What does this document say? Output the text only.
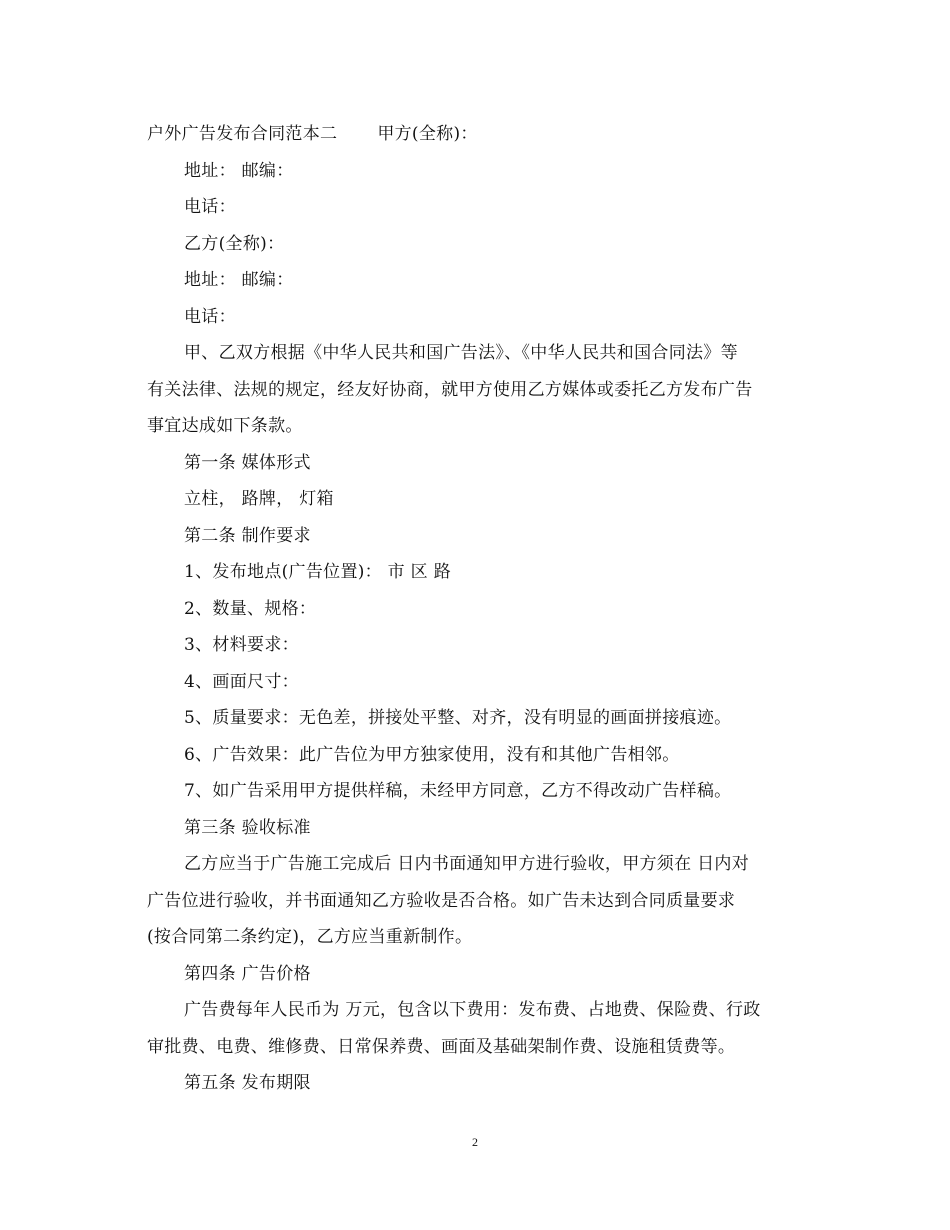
户外广告发布合同范本二 甲方(全称)：
地址： 邮编：
电话：
乙方(全称)：
地址： 邮编：
电话：
甲、乙双方根据《中华人民共和国广告法》、《中华人民共和国合同法》等
有关法律、法规的规定，经友好协商，就甲方使用乙方媒体或委托乙方发布广告
事宜达成如下条款。
第一条 媒体形式
立柱， 路牌， 灯箱
第二条 制作要求
1、发布地点(广告位置)： 市 区 路
2、数量、规格：
3、材料要求：
4、画面尺寸：
5、质量要求：无色差，拼接处平整、对齐，没有明显的画面拼接痕迹。
6、广告效果：此广告位为甲方独家使用，没有和其他广告相邻。
7、如广告采用甲方提供样稿，未经甲方同意，乙方不得改动广告样稿。
第三条 验收标准
乙方应当于广告施工完成后 日内书面通知甲方进行验收，甲方须在 日内对
广告位进行验收，并书面通知乙方验收是否合格。如广告未达到合同质量要求
(按合同第二条约定)，乙方应当重新制作。
第四条 广告价格
广告费每年人民币为 万元，包含以下费用：发布费、占地费、保险费、行政
审批费、电费、维修费、日常保养费、画面及基础架制作费、设施租赁费等。
第五条 发布期限
2
